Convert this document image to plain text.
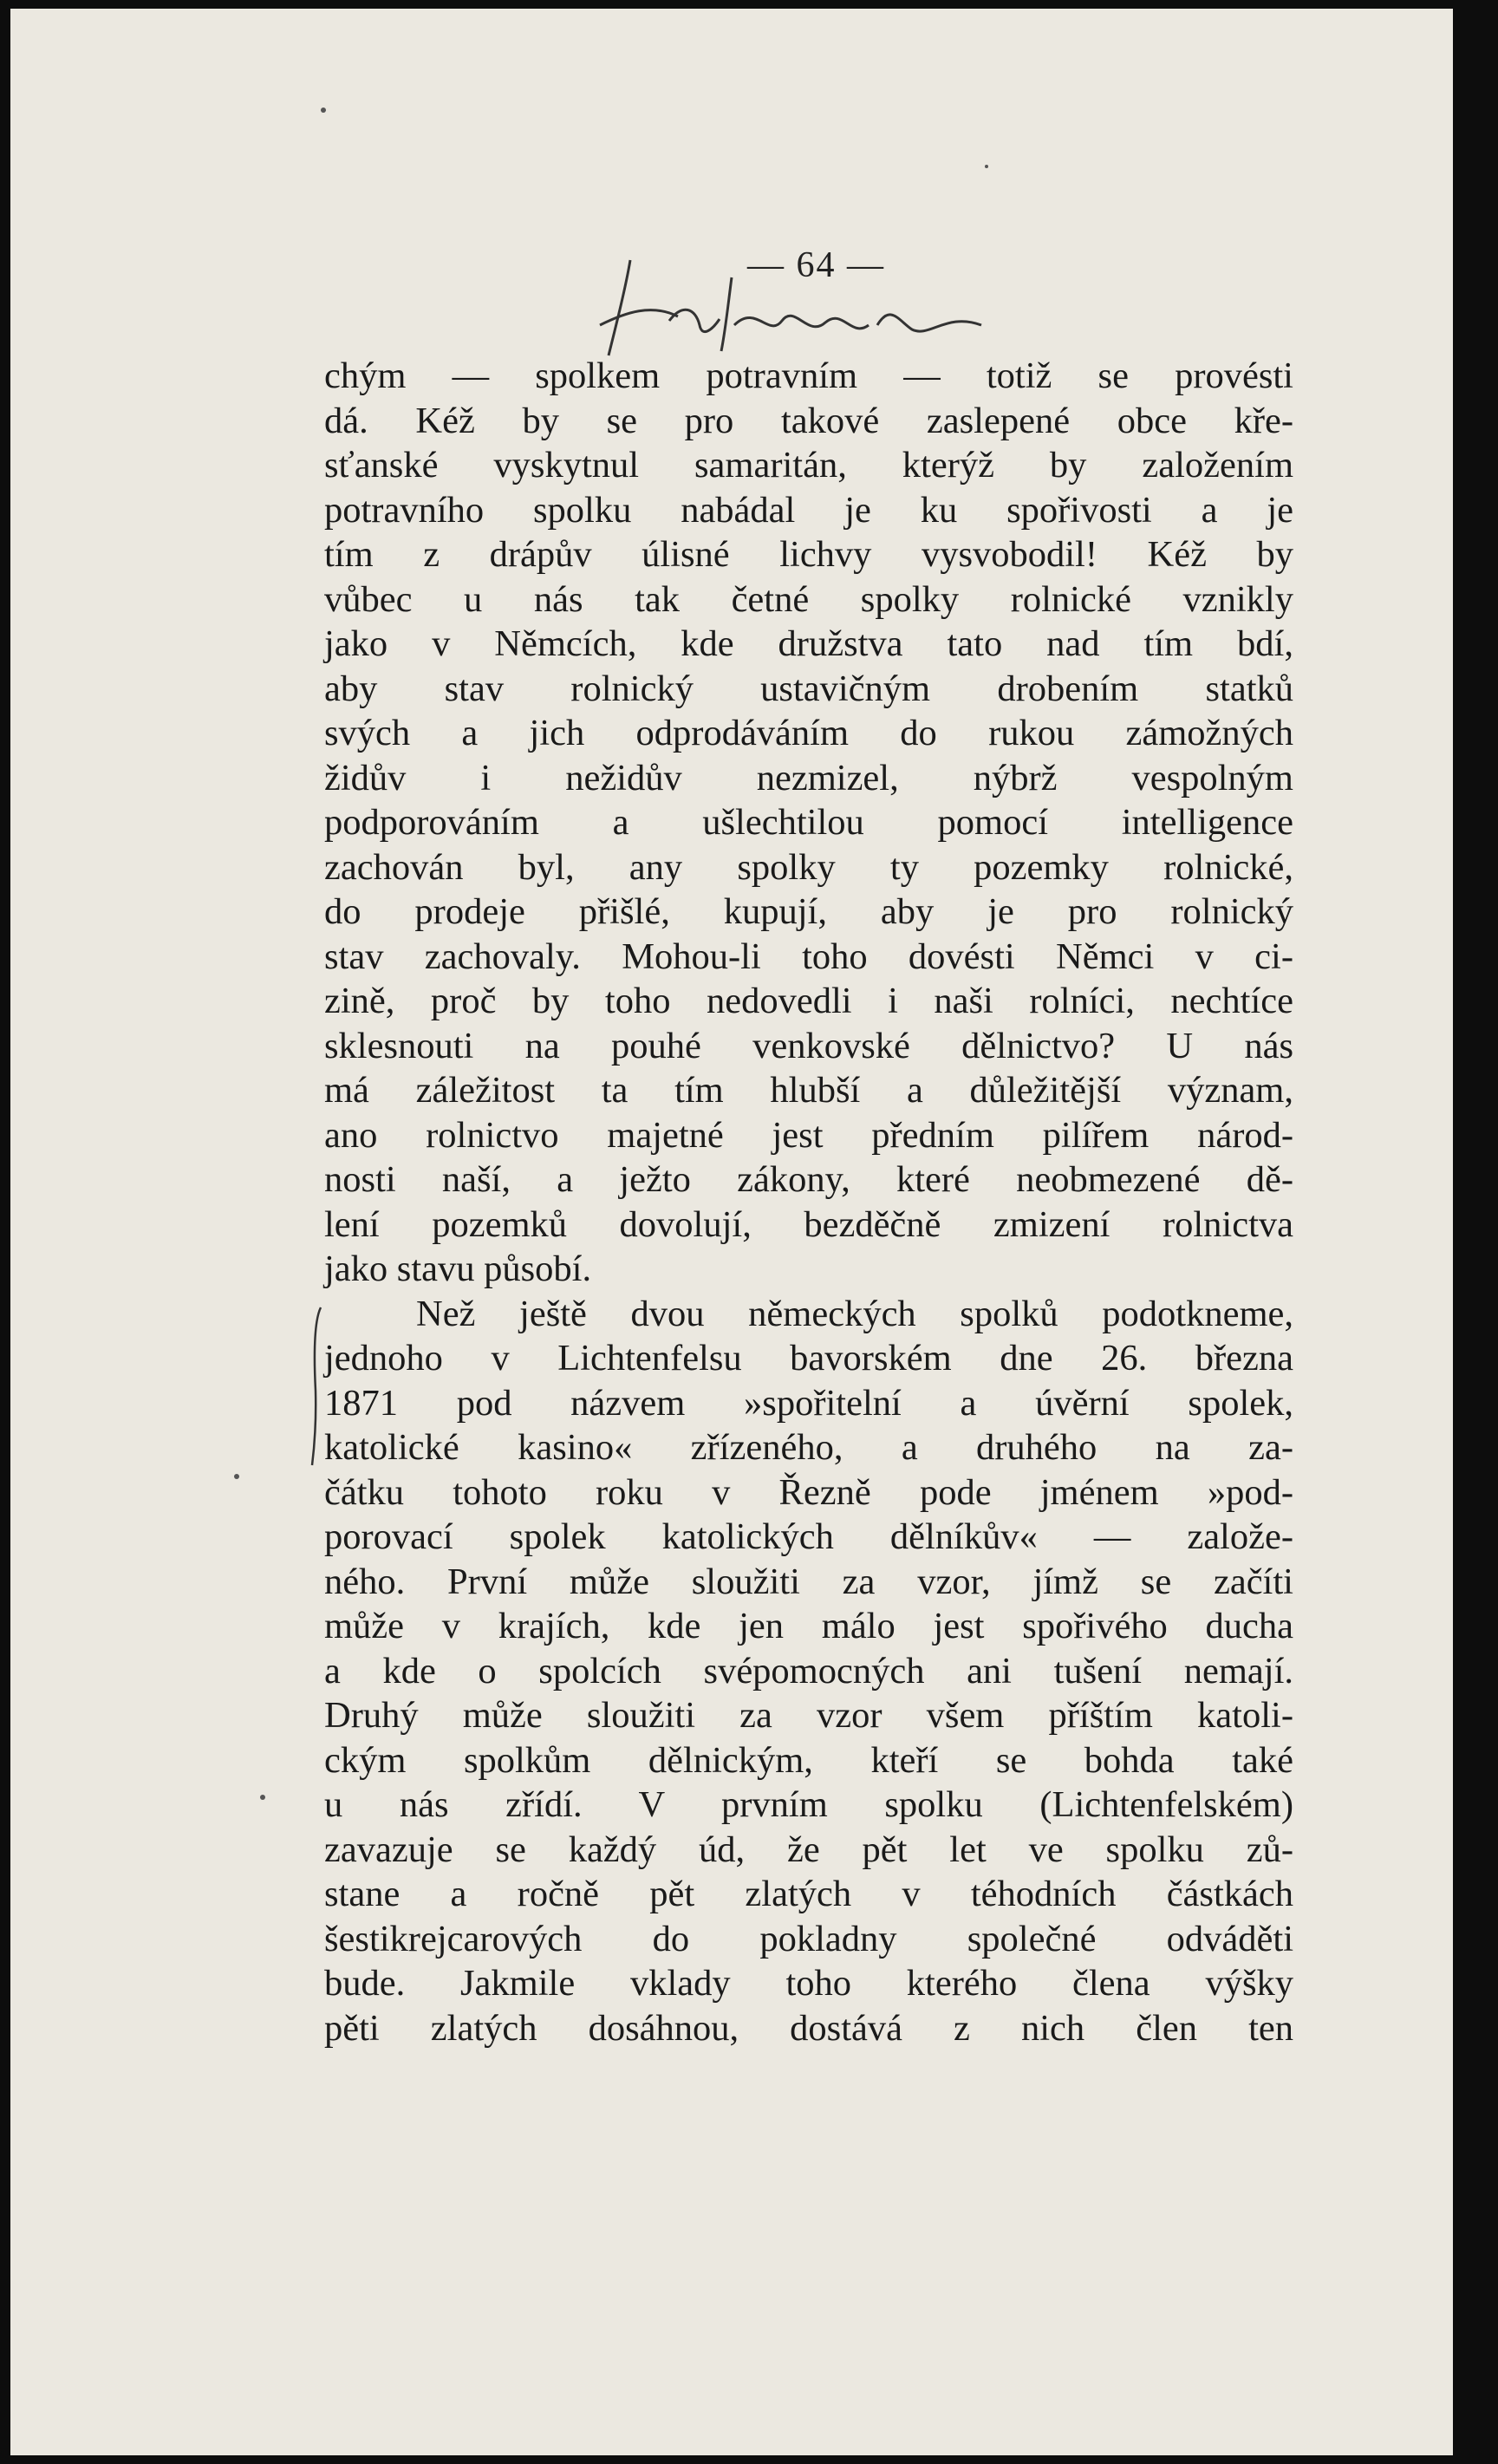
— 64 —

chým — spolkem potravním — totiž se provésti
dá. Kéž by se pro takové zaslepené obce kře-
sťanské vyskytnul samaritán, kterýž by založením
potravního spolku nabádal je ku spořivosti a je
tím z drápův úlisné lichvy vysvobodil! Kéž by
vůbec u nás tak četné spolky rolnické vznikly
jako v Němcích, kde družstva tato nad tím bdí,
aby stav rolnický ustavičným drobením statků
svých a jich odprodáváním do rukou zámožných
židův i nežidův nezmizel, nýbrž vespolným
podporováním a ušlechtilou pomocí intelligence
zachován byl, any spolky ty pozemky rolnické,
do prodeje přišlé, kupují, aby je pro rolnický
stav zachovaly. Mohou-li toho dovésti Němci v ci-
zině, proč by toho nedovedli i naši rolníci, nechtíce
sklesnouti na pouhé venkovské dělnictvo? U nás
má záležitost ta tím hlubší a důležitější význam,
ano rolnictvo majetné jest předním pilířem národ-
nosti naší, a ježto zákony, které neobmezené dě-
lení pozemků dovolují, bezděčně zmizení rolnictva
jako stavu působí.

Než ještě dvou německých spolků podotkneme,
jednoho v Lichtenfelsu bavorském dne 26. března
1871 pod názvem »spořitelní a úvěrní spolek,
katolické kasino« zřízeného, a druhého na za-
čátku tohoto roku v Řezně pode jménem »pod-
porovací spolek katolických dělníkův« — založe-
ného. První může sloužiti za vzor, jímž se začíti
může v krajích, kde jen málo jest spořivého ducha
a kde o spolcích svépomocných ani tušení nemají.
Druhý může sloužiti za vzor všem příštím katoli-
ckým spolkům dělnickým, kteří se bohda také
u nás zřídí. V prvním spolku (Lichtenfelském)
zavazuje se každý úd, že pět let ve spolku zů-
stane a ročně pět zlatých v téhodních částkách
šestikrejcarových do pokladny společné odváděti
bude. Jakmile vklady toho kterého člena výšky
pěti zlatých dosáhnou, dostává z nich člen ten
